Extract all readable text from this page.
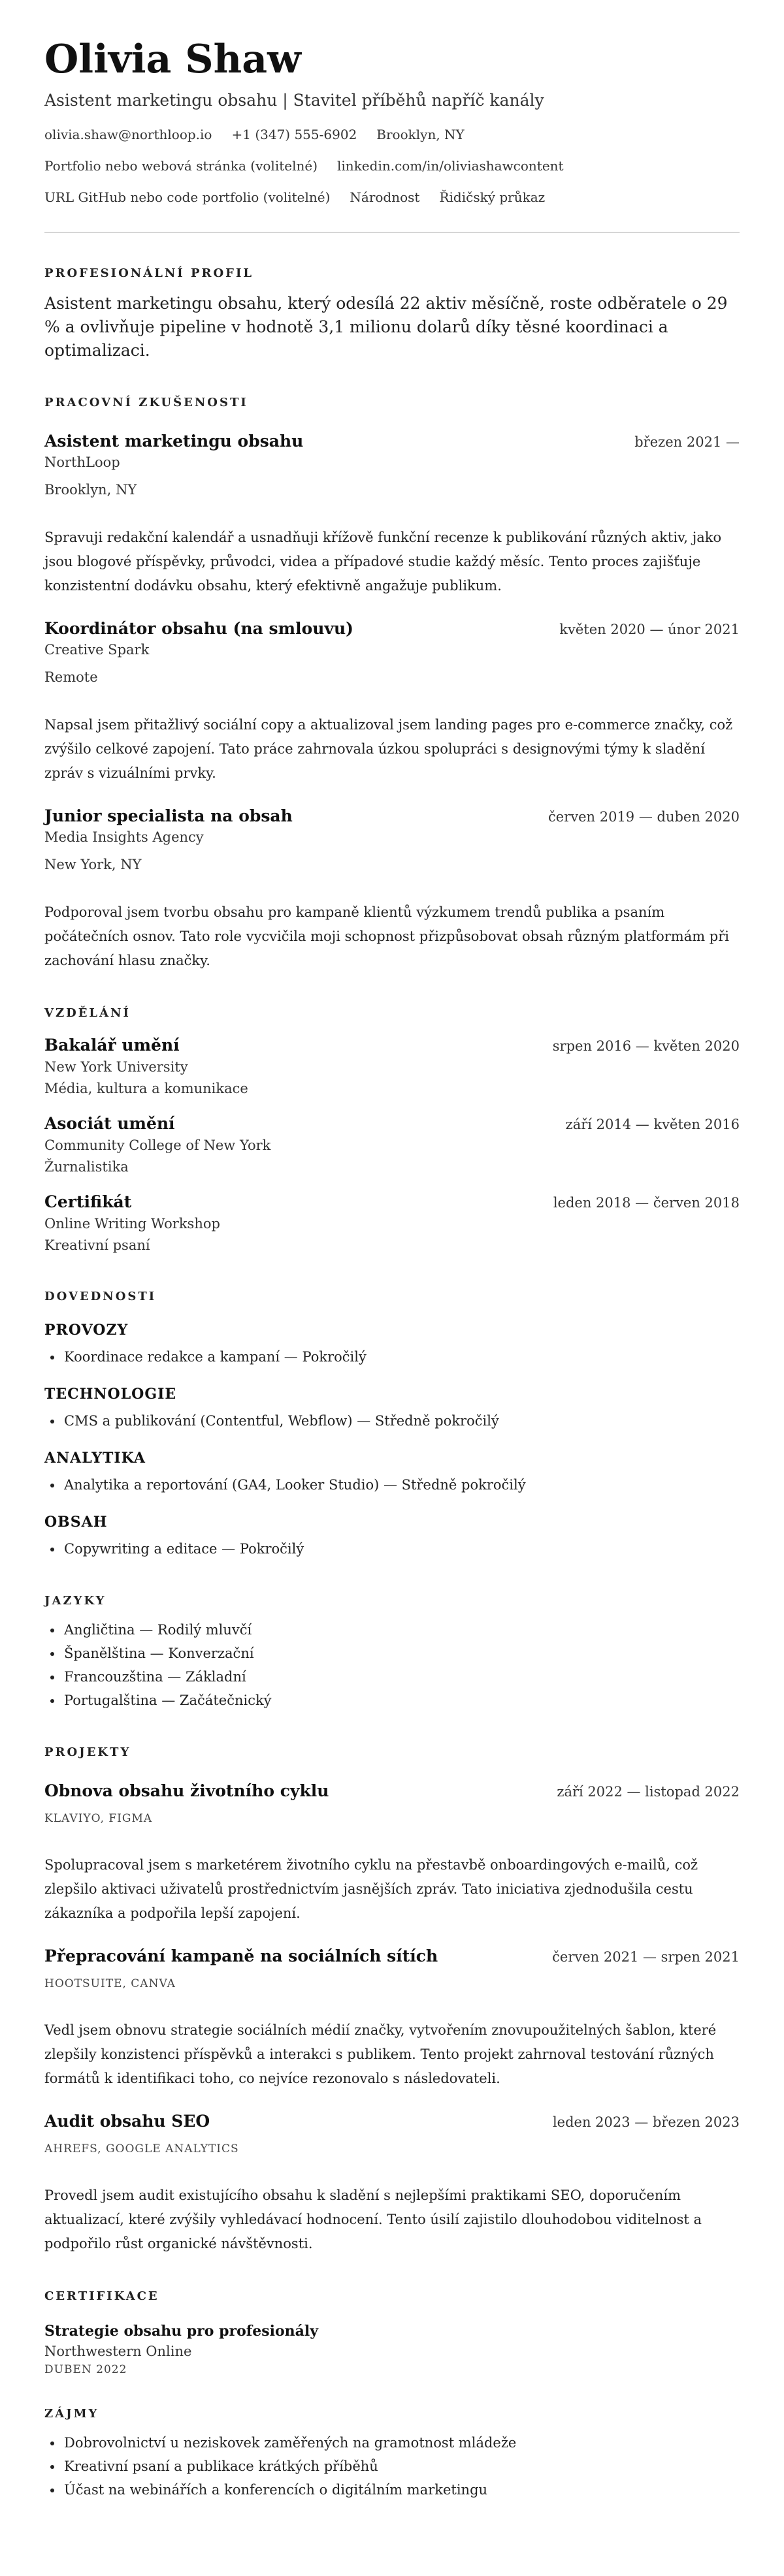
Olivia Shaw
Asistent marketingu obsahu | Stavitel příběhů napříč kanály
olivia.shaw@northloop.io +1 (347) 555-6902 Brooklyn, NY
Portfolio nebo webová stránka (volitelné) linkedin.com/in/oliviashawcontent
URL GitHub nebo code portfolio (volitelné) Národnost Řidičský průkaz
PROFESIONÁLNÍ PROFIL
Asistent marketingu obsahu, který odesílá 22 aktiv měsíčně, roste odběratele o 29 % a ovlivňuje pipeline v hodnotě 3,1 milionu dolarů díky těsné koordinaci a optimalizaci.
PRACOVNÍ ZKUŠENOSTI
Asistent marketingu obsahu	březen 2021 —
NorthLoop
Brooklyn, NY
Spravuji redakční kalendář a usnadňuji křížově funkční recenze k publikování různých aktiv, jako jsou blogové příspěvky, průvodci, videa a případové studie každý měsíc. Tento proces zajišťuje konzistentní dodávku obsahu, který efektivně angažuje publikum.
Koordinátor obsahu (na smlouvu)	květen 2020 — únor 2021
Creative Spark
Remote
Napsal jsem přitažlivý sociální copy a aktualizoval jsem landing pages pro e-commerce značky, což zvýšilo celkové zapojení. Tato práce zahrnovala úzkou spolupráci s designovými týmy k sladění zpráv s vizuálními prvky.
Junior specialista na obsah	červen 2019 — duben 2020
Media Insights Agency
New York, NY
Podporoval jsem tvorbu obsahu pro kampaně klientů výzkumem trendů publika a psaním počátečních osnov. Tato role vycvičila moji schopnost přizpůsobovat obsah různým platformám při zachování hlasu značky.
VZDĚLÁNÍ
Bakalář umění	srpen 2016 — květen 2020
New York University
Média, kultura a komunikace
Asociát umění	září 2014 — květen 2016
Community College of New York
Žurnalistika
Certifikát	leden 2018 — červen 2018
Online Writing Workshop
Kreativní psaní
DOVEDNOSTI
PROVOZY
• Koordinace redakce a kampaní — Pokročilý
TECHNOLOGIE
• CMS a publikování (Contentful, Webflow) — Středně pokročilý
ANALYTIKA
• Analytika a reportování (GA4, Looker Studio) — Středně pokročilý
OBSAH
• Copywriting a editace — Pokročilý
JAZYKY
• Angličtina — Rodilý mluvčí
• Španělština — Konverzační
• Francouzština — Základní
• Portugalština — Začátečnický
PROJEKTY
Obnova obsahu životního cyklu	září 2022 — listopad 2022
KLAVIYO, FIGMA
Spolupracoval jsem s marketérem životního cyklu na přestavbě onboardingových e-mailů, což zlepšilo aktivaci uživatelů prostřednictvím jasnějších zpráv. Tato iniciativa zjednodušila cestu zákazníka a podpořila lepší zapojení.
Přepracování kampaně na sociálních sítích	červen 2021 — srpen 2021
HOOTSUITE, CANVA
Vedl jsem obnovu strategie sociálních médií značky, vytvořením znovupoužitelných šablon, které zlepšily konzistenci příspěvků a interakci s publikem. Tento projekt zahrnoval testování různých formátů k identifikaci toho, co nejvíce rezonovalo s následovateli.
Audit obsahu SEO	leden 2023 — březen 2023
AHREFS, GOOGLE ANALYTICS
Provedl jsem audit existujícího obsahu k sladění s nejlepšími praktikami SEO, doporučením aktualizací, které zvýšily vyhledávací hodnocení. Tento úsilí zajistilo dlouhodobou viditelnost a podpořilo růst organické návštěvnosti.
CERTIFIKACE
Strategie obsahu pro profesionály
Northwestern Online
DUBEN 2022
ZÁJMY
• Dobrovolnictví u neziskovek zaměřených na gramotnost mládeže
• Kreativní psaní a publikace krátkých příběhů
• Účast na webinářích a konferencích o digitálním marketingu
